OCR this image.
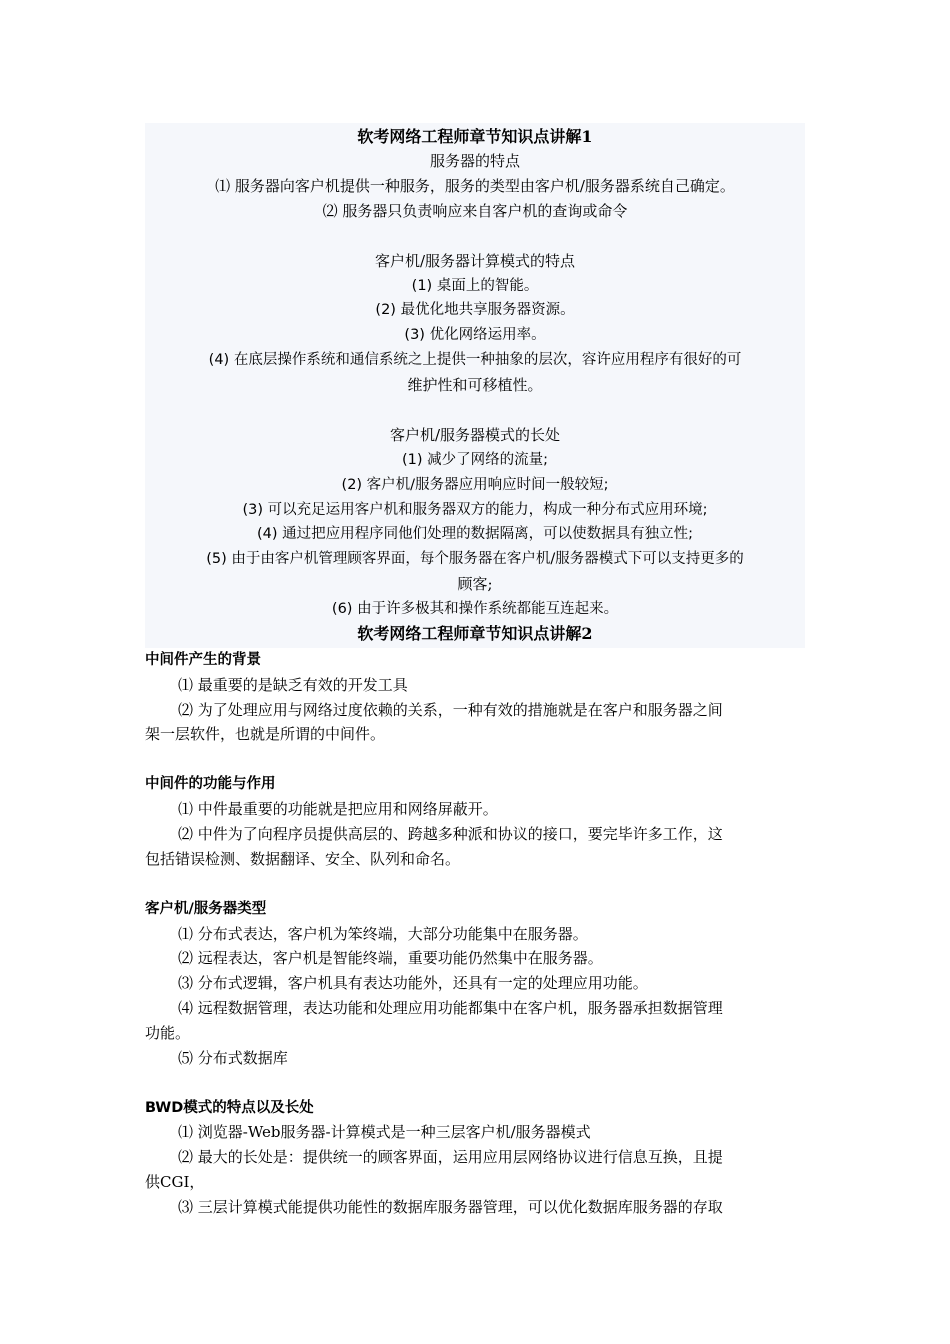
软考网络工程师章节知识点讲解1
服务器的特点
⑴ 服务器向客户机提供一种服务，服务的类型由客户机/服务器系统自己确定。
⑵ 服务器只负责响应来自客户机的查询或命令
客户机/服务器计算模式的特点
(1) 桌面上的智能。
(2) 最优化地共享服务器资源。
(3) 优化网络运用率。
(4) 在底层操作系统和通信系统之上提供一种抽象的层次，容许应用程序有很好的可
维护性和可移植性。
客户机/服务器模式的长处
(1) 减少了网络的流量;
(2) 客户机/服务器应用响应时间一般较短;
(3) 可以充足运用客户机和服务器双方的能力，构成一种分布式应用环境;
(4) 通过把应用程序同他们处理的数据隔离，可以使数据具有独立性;
(5) 由于由客户机管理顾客界面，每个服务器在客户机/服务器模式下可以支持更多的
顾客;
(6) 由于许多极其和操作系统都能互连起来。
软考网络工程师章节知识点讲解2
中间件产生的背景
⑴ 最重要的是缺乏有效的开发工具
⑵ 为了处理应用与网络过度依赖的关系，一种有效的措施就是在客户和服务器之间
架一层软件，也就是所谓的中间件。
中间件的功能与作用
⑴ 中件最重要的功能就是把应用和网络屏蔽开。
⑵ 中件为了向程序员提供高层的、跨越多种派和协议的接口，要完毕许多工作，这
包括错误检测、数据翻译、安全、队列和命名。
客户机/服务器类型
⑴ 分布式表达，客户机为笨终端，大部分功能集中在服务器。
⑵ 远程表达，客户机是智能终端，重要功能仍然集中在服务器。
⑶ 分布式逻辑，客户机具有表达功能外，还具有一定的处理应用功能。
⑷ 远程数据管理，表达功能和处理应用功能都集中在客户机，服务器承担数据管理
功能。
⑸ 分布式数据库
BWD模式的特点以及长处
⑴ 浏览器-Web服务器-计算模式是一种三层客户机/服务器模式
⑵ 最大的长处是：提供统一的顾客界面，运用应用层网络协议进行信息互换，且提
供CGI，
⑶ 三层计算模式能提供功能性的数据库服务器管理，可以优化数据库服务器的存取
